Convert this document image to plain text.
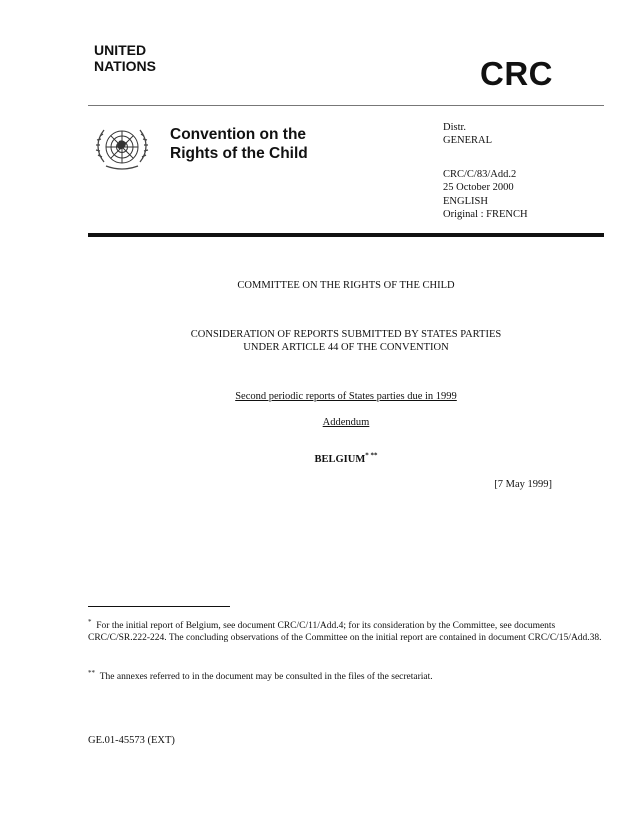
UNITED
NATIONS	CRC
Convention on the
Rights of the Child
Distr.
GENERAL
CRC/C/83/Add.2
25 October 2000
ENGLISH
Original : FRENCH
COMMITTEE ON THE RIGHTS OF THE CHILD
CONSIDERATION OF REPORTS SUBMITTED BY STATES PARTIES
UNDER ARTICLE 44 OF THE CONVENTION
Second periodic reports of States parties due in 1999
Addendum
BELGIUM* **
[7 May 1999]
* For the initial report of Belgium, see document CRC/C/11/Add.4; for its consideration by the Committee, see documents CRC/C/SR.222-224. The concluding observations of the Committee on the initial report are contained in document CRC/C/15/Add.38.
** The annexes referred to in the document may be consulted in the files of the secretariat.
GE.01-45573 (EXT)
